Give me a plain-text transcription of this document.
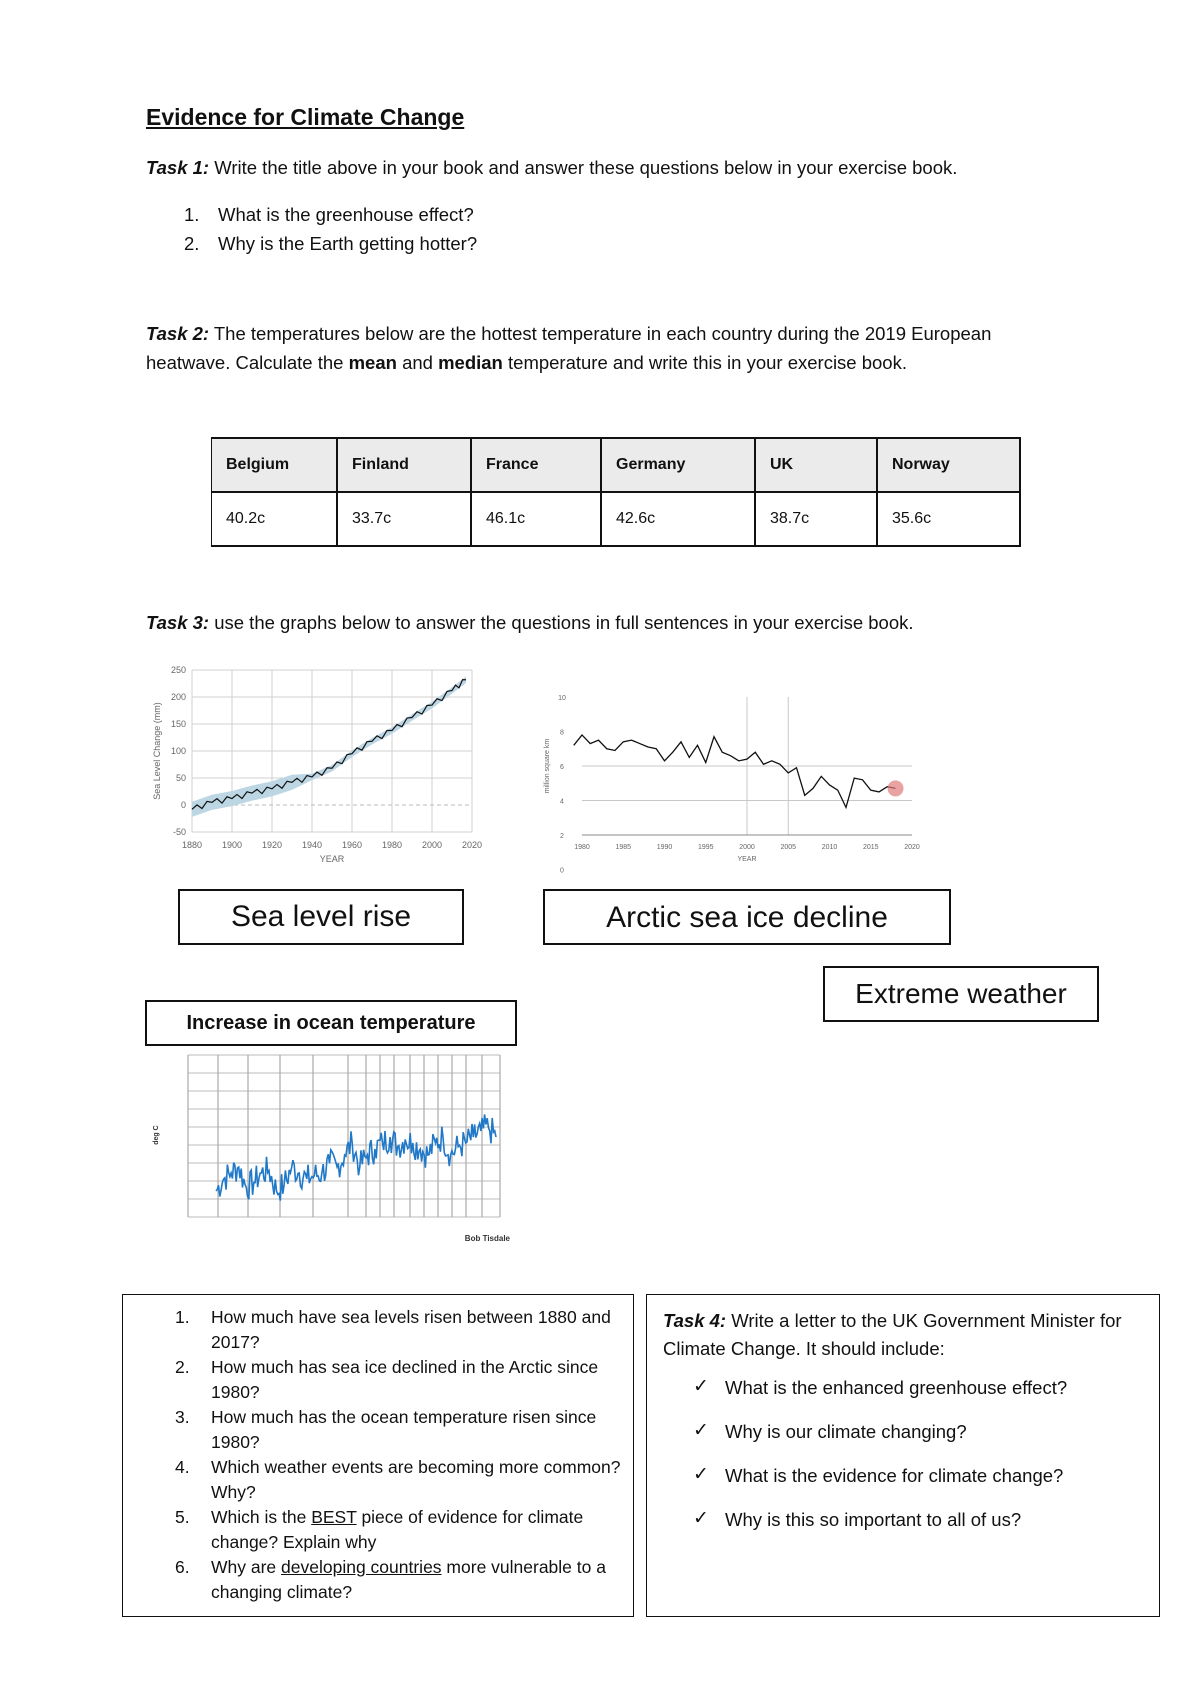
Evidence for Climate Change
Task 1: Write the title above in your book and answer these questions below in your exercise book.
1. What is the greenhouse effect?
2. Why is the Earth getting hotter?
Task 2: The temperatures below are the hottest temperature in each country during the 2019 European heatwave. Calculate the mean and median temperature and write this in your exercise book.
Belgium	Finland	France	Germany	UK	Norway
40.2c	33.7c	46.1c	42.6c	38.7c	35.6c
Task 3: use the graphs below to answer the questions in full sentences in your exercise book.
1880 1900 1920 1940 1960 1980 2000 2020
-50
0
50
100
150
200
250
Sea Level Change (mm)
YEAR
1980	1985	1990	1995	2000	2005	2010	2015	2020
0
2
4
6
8
10
million square km
YEAR
Sea level rise	Arctic sea ice decline
Extreme weather
Increase in ocean temperature
deg C
Bob Tisdale
1. How much have sea levels risen between 1880 and 2017?
2. How much has sea ice declined in the Arctic since 1980?
3. How much has the ocean temperature risen since 1980?
4. Which weather events are becoming more common? Why?
5. Which is the BEST piece of evidence for climate change? Explain why
6. Why are developing countries more vulnerable to a changing climate?
Task 4: Write a letter to the UK Government Minister for Climate Change. It should include:
✓ What is the enhanced greenhouse effect?
✓ Why is our climate changing?
✓ What is the evidence for climate change?
✓ Why is this so important to all of us?
